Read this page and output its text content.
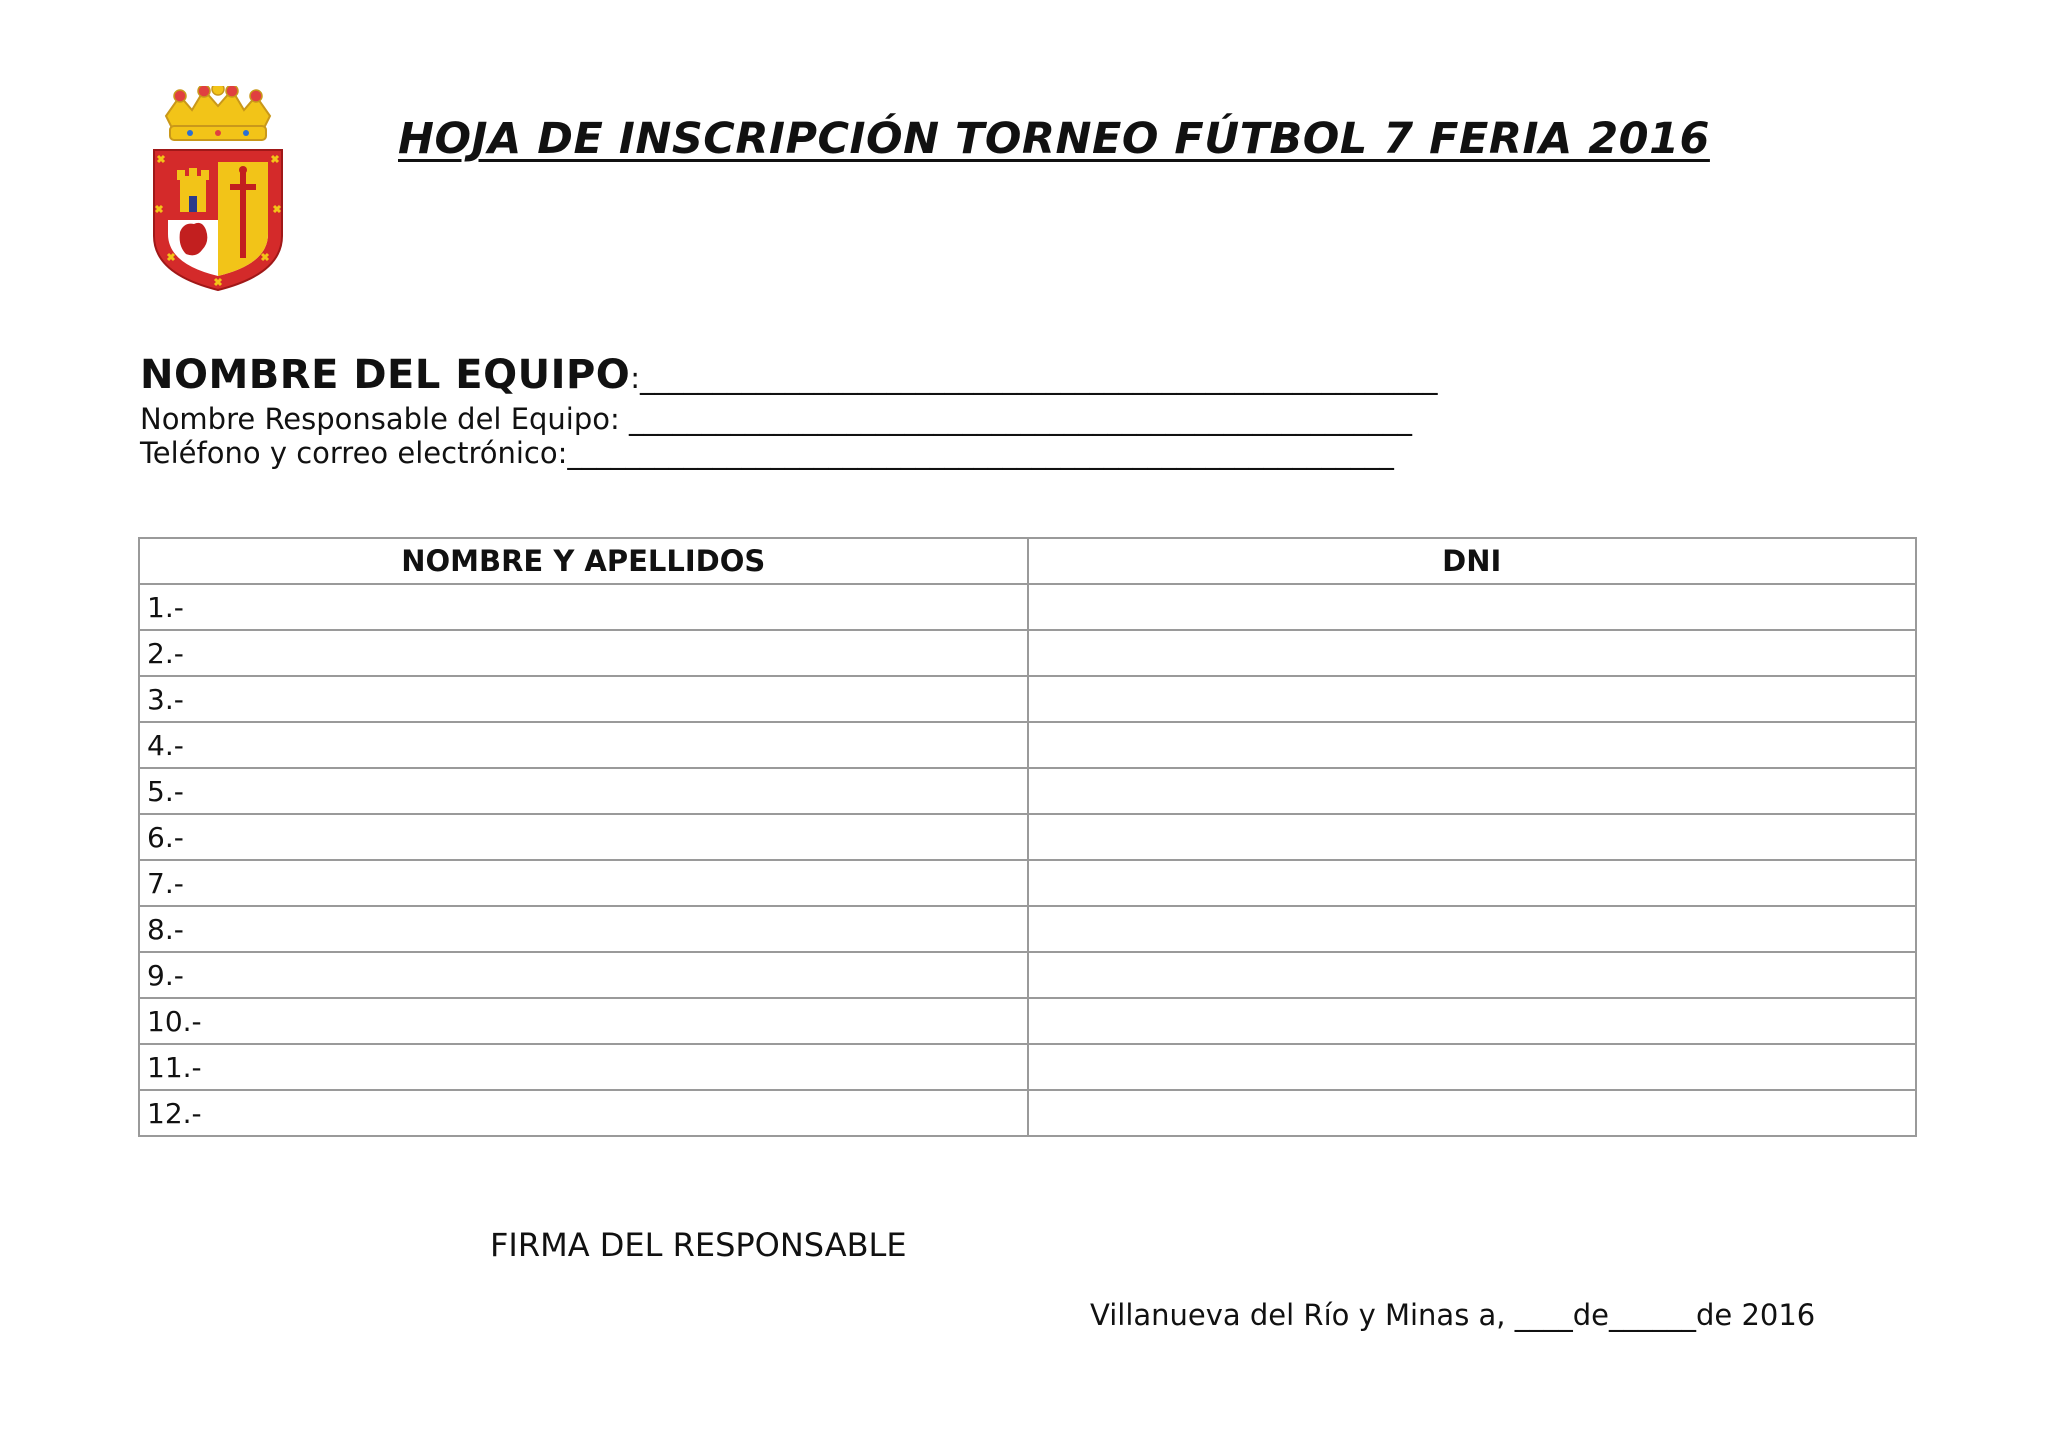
HOJA DE INSCRIPCIÓN TORNEO FÚTBOL 7 FERIA 2016
NOMBRE DEL EQUIPO:_______________________________________________________
Nombre Responsable del Equipo: ______________________________________________________
Teléfono y correo electrónico:_________________________________________________________
NOMBRE Y APELLIDOS	DNI
1.-	
2.-	
3.-	
4.-	
5.-	
6.-	
7.-	
8.-	
9.-	
10.-	
11.-	
12.-	
FIRMA DEL RESPONSABLE
Villanueva del Río y Minas a, ____de______de 2016
